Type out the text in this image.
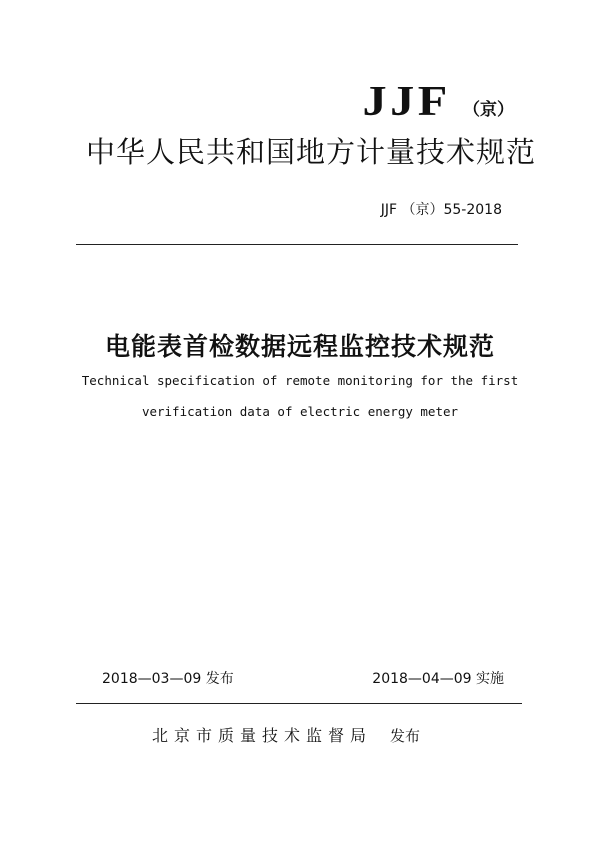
JJF （京）
中华人民共和国地方计量技术规范
JJF （京）55-2018
电能表首检数据远程监控技术规范
Technical specification of remote monitoring for the first
verification data of electric energy meter
2018—03—09 发布	2018—04—09 实施
北京市质量技术监督局 发布
